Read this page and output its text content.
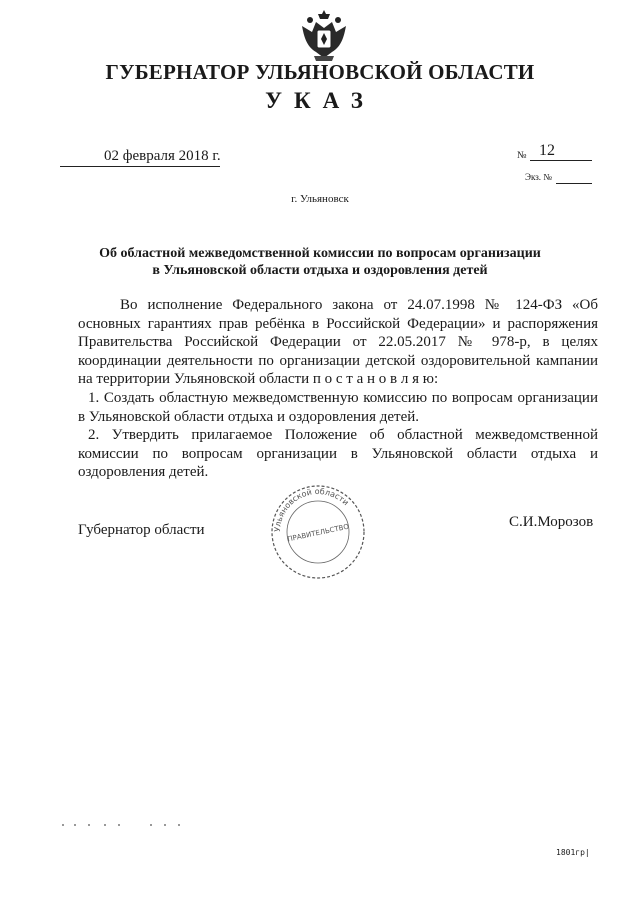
ГУБЕРНАТОР УЛЬЯНОВСКОЙ ОБЛАСТИ
УКАЗ
02 февраля 2018 г.	№ 12
Экз. №
г. Ульяновск
Об областной межведомственной комиссии по вопросам организации
в Ульяновской области отдыха и оздоровления детей

Во исполнение Федерального закона от 24.07.1998 № 124-ФЗ «Об основных гарантиях прав ребёнка в Российской Федерации» и распоряжения Правительства Российской Федерации от 22.05.2017 № 978-р, в целях координации деятельности по организации детской оздоровительной кампании на территории Ульяновской области п о с т а н о в л я ю:

1. Создать областную межведомственную комиссию по вопросам организации в Ульяновской области отдыха и оздоровления детей.

2. Утвердить прилагаемое Положение об областной межведомственной комиссии по вопросам организации в Ульяновской области отдыха и оздоровления детей.

Губернатор области	С.И.Морозов
Ульяновской области
ПРАВИТЕЛЬСТВО
1801гр|
